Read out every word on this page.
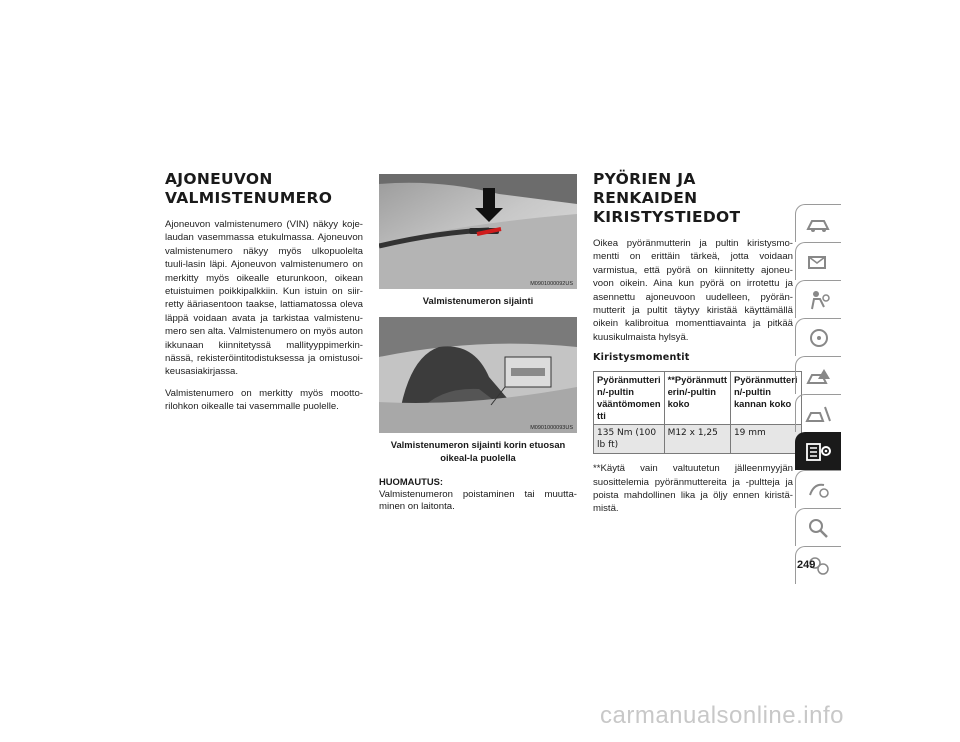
AJONEUVON
VALMISTENUMERO

Ajoneuvon valmistenumero (VIN) näkyy koje-laudan vasemmassa etukulmassa. Ajoneuvon valmistenumero näkyy myös ulkopuolelta tuuli-lasin läpi. Ajoneuvon valmistenumero on merkitty myös oikealle eturunkoon, oikean etuistuimen poikkipalkkiin. Kun istuin on siir-retty ääriasentoon taakse, lattiamatossa oleva läppä voidaan avata ja tarkistaa valmistenu-mero sen alta. Valmistenumero on myös auton ikkunaan kiinnitetyssä mallityyppimerkin-nässä, rekisteröintitodistuksessa ja omistusoi-keusasiakirjassa.

Valmistenumero on merkitty myös mootto-rilohkon oikealle tai vasemmalle puolelle.

M0901000092US
Valmistenumeron sijainti
M0901000093US
Valmistenumeron sijainti korin etuosan oikeal-la puolella

HUOMAUTUS:

Valmistenumeron poistaminen tai muutta-minen on laitonta.

PYÖRIEN JA RENKAIDEN
KIRISTYSTIEDOT

Oikea pyöränmutterin ja pultin kiristysmo-mentti on erittäin tärkeä, jotta voidaan varmistua, että pyörä on kiinnitetty ajoneu-voon oikein. Aina kun pyörä on irrotettu ja asennettu ajoneuvoon uudelleen, pyörän-mutterit ja pultit täytyy kiristää käyttämällä oikein kalibroitua momenttiavainta ja pitkää kuusikulmaista hylsyä.

Kiristysmomentit
Pyöränmutteri n/-pultin vääntömomen tti	**Pyöränmutt erin/-pultin koko	Pyöränmutteri n/-pultin kannan koko
135 Nm (100 lb ft)	M12 x 1,25	19 mm

**Käytä vain valtuutetun jälleenmyyjän suosittelemia pyöränmuttereita ja -pultteja ja poista mahdollinen lika ja öljy ennen kiristä-mistä.

249
carmanualsonline.info
